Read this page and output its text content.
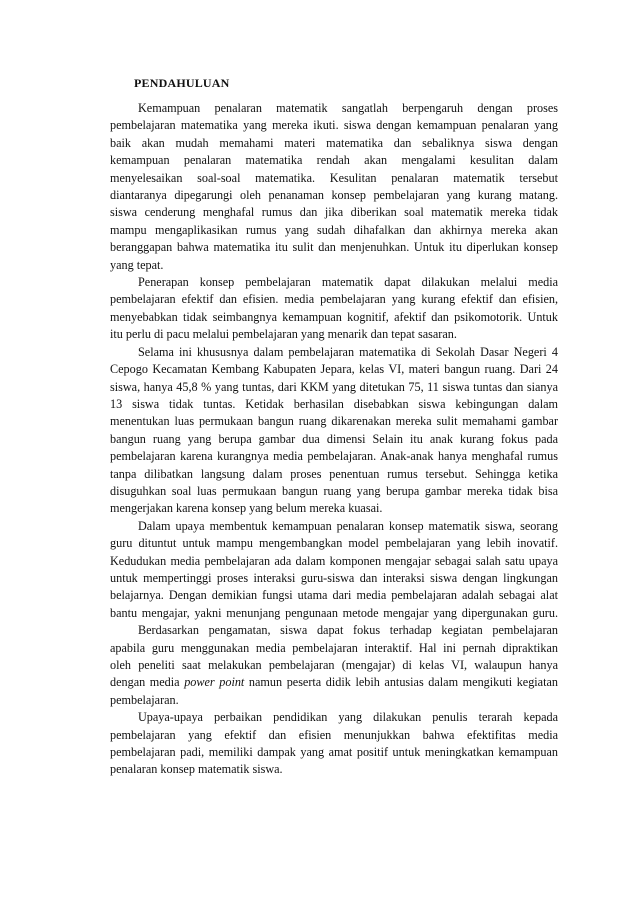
PENDAHULUAN

Kemampuan penalaran matematik sangatlah berpengaruh dengan proses
pembelajaran matematika yang mereka ikuti. siswa dengan kemampuan penalaran yang
baik akan mudah memahami materi matematika dan sebaliknya siswa dengan
kemampuan penalaran matematika rendah akan mengalami kesulitan dalam
menyelesaikan soal-soal matematika. Kesulitan penalaran matematik tersebut
diantaranya dipegarungi oleh penanaman konsep pembelajaran yang kurang matang.
siswa cenderung menghafal rumus dan jika diberikan soal matematik mereka tidak
mampu mengaplikasikan rumus yang sudah dihafalkan dan akhirnya mereka akan
beranggapan bahwa matematika itu sulit dan menjenuhkan. Untuk itu diperlukan konsep
yang tepat.

Penerapan konsep pembelajaran matematik dapat dilakukan melalui media
pembelajaran efektif dan efisien. media pembelajaran yang kurang efektif dan efisien,
menyebabkan tidak seimbangnya kemampuan kognitif, afektif dan psikomotorik. Untuk
itu perlu di pacu melalui pembelajaran yang menarik dan tepat sasaran.

Selama ini khususnya dalam pembelajaran matematika di Sekolah Dasar Negeri 4
Cepogo Kecamatan Kembang Kabupaten Jepara, kelas VI, materi bangun ruang. Dari 24
siswa, hanya 45,8 % yang tuntas, dari KKM yang ditetukan 75, 11 siswa tuntas dan sianya
13 siswa tidak tuntas. Ketidak berhasilan disebabkan siswa kebingungan dalam
menentukan luas permukaan bangun ruang dikarenakan mereka sulit memahami gambar
bangun ruang yang berupa gambar dua dimensi Selain itu anak kurang fokus pada
pembelajaran karena kurangnya media pembelajaran. Anak-anak hanya menghafal rumus
tanpa dilibatkan langsung dalam proses penentuan rumus tersebut. Sehingga ketika
disuguhkan soal luas permukaan bangun ruang yang berupa gambar mereka tidak bisa
mengerjakan karena konsep yang belum mereka kuasai.

Dalam upaya membentuk kemampuan penalaran konsep matematik siswa, seorang
guru dituntut untuk mampu mengembangkan model pembelajaran yang lebih inovatif.
Kedudukan media pembelajaran ada dalam komponen mengajar sebagai salah satu upaya
untuk mempertinggi proses interaksi guru-siswa dan interaksi siswa dengan lingkungan
belajarnya. Dengan demikian fungsi utama dari media pembelajaran adalah sebagai alat
bantu mengajar, yakni menunjang pengunaan metode mengajar yang dipergunakan guru.

Berdasarkan pengamatan, siswa dapat fokus terhadap kegiatan pembelajaran
apabila guru menggunakan media pembelajaran interaktif. Hal ini pernah dipraktikan
oleh peneliti saat melakukan pembelajaran (mengajar) di kelas VI, walaupun hanya
dengan media power point namun peserta didik lebih antusias dalam mengikuti kegiatan
pembelajaran.

Upaya-upaya perbaikan pendidikan yang dilakukan penulis terarah kepada
pembelajaran yang efektif dan efisien menunjukkan bahwa efektifitas media
pembelajaran padi, memiliki dampak yang amat positif untuk meningkatkan kemampuan
penalaran konsep matematik siswa.
